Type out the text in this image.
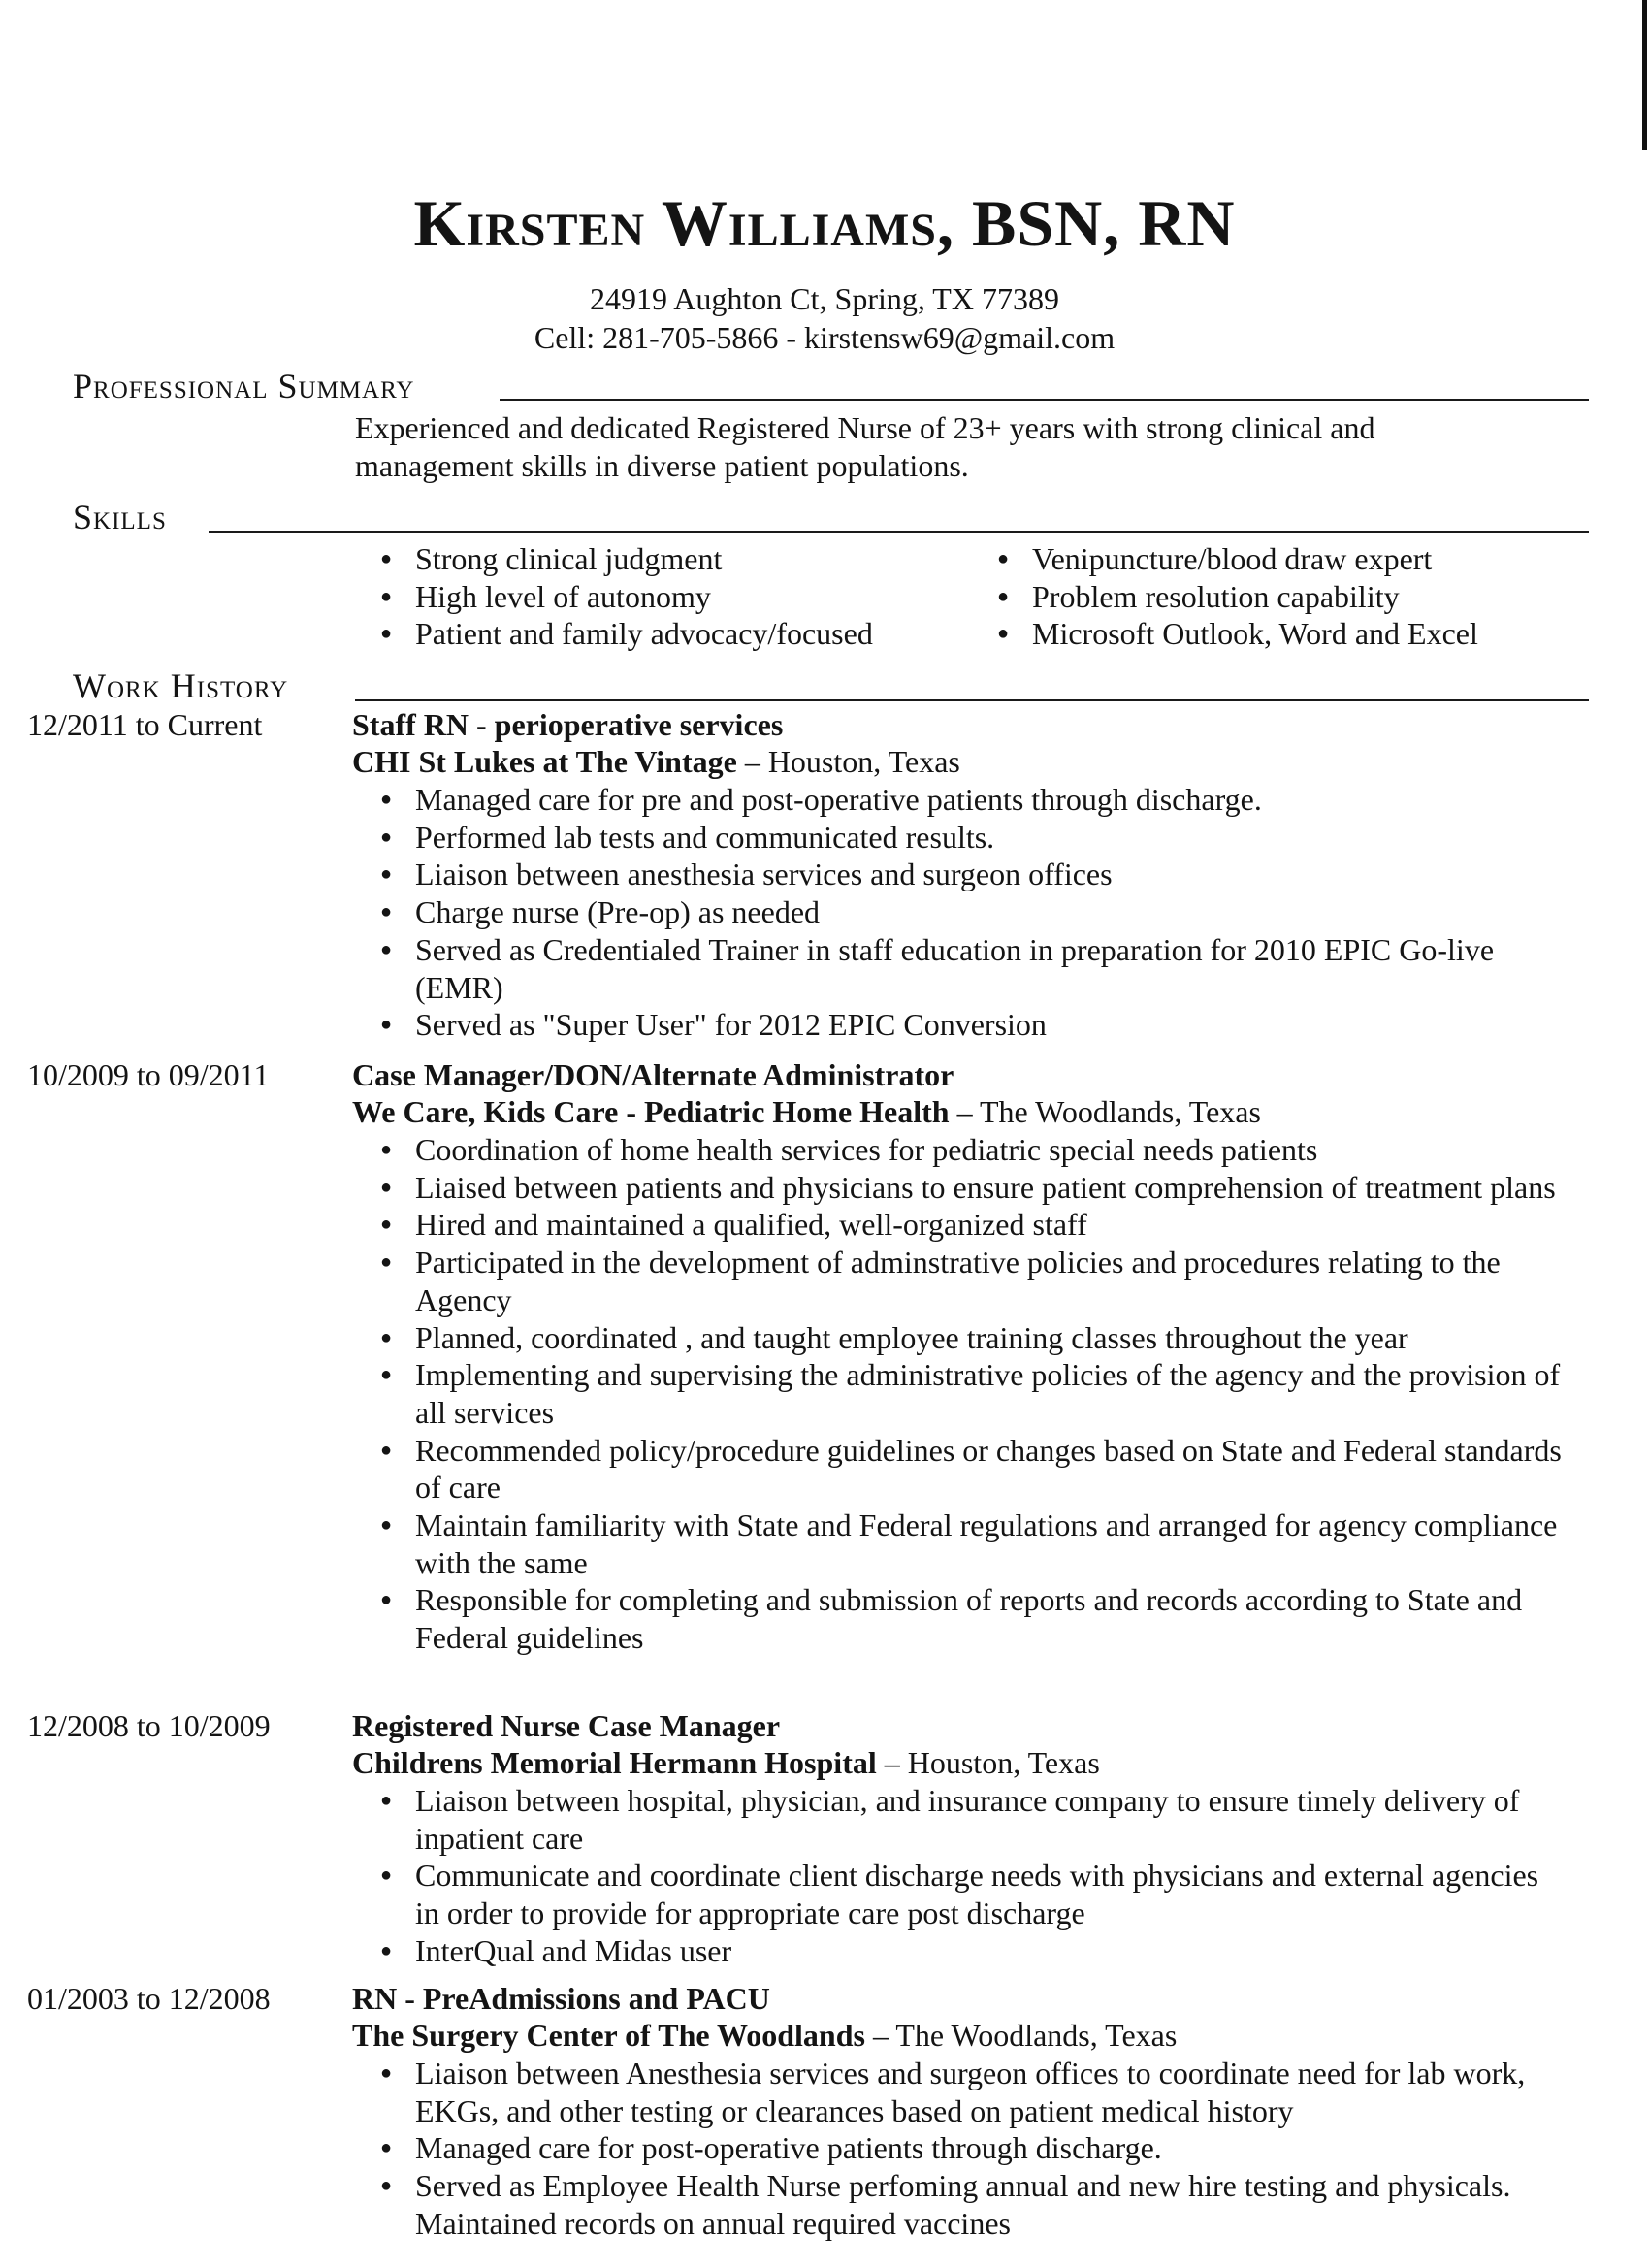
Kirsten Williams, BSN, RN
24919 Aughton Ct, Spring, TX 77389
Cell: 281-705-5866 - kirstensw69@gmail.com
Professional Summary
Experienced and dedicated Registered Nurse of 23+ years with strong clinical and management skills in diverse patient populations.
Skills
● Strong clinical judgment
● High level of autonomy
● Patient and family advocacy/focused
● Venipuncture/blood draw expert
● Problem resolution capability
● Microsoft Outlook, Word and Excel
Work History
12/2011 to Current	Staff RN - perioperative services
CHI St Lukes at The Vintage – Houston, Texas
● Managed care for pre and post-operative patients through discharge.
● Performed lab tests and communicated results.
● Liaison between anesthesia services and surgeon offices
● Charge nurse (Pre-op) as needed
● Served as Credentialed Trainer in staff education in preparation for 2010 EPIC Go-live (EMR)
● Served as "Super User" for 2012 EPIC Conversion
10/2009 to 09/2011	Case Manager/DON/Alternate Administrator
We Care, Kids Care - Pediatric Home Health – The Woodlands, Texas
● Coordination of home health services for pediatric special needs patients
● Liaised between patients and physicians to ensure patient comprehension of treatment plans
● Hired and maintained a qualified, well-organized staff
● Participated in the development of adminstrative policies and procedures relating to the Agency
● Planned, coordinated , and taught employee training classes throughout the year
● Implementing and supervising the administrative policies of the agency and the provision of all services
● Recommended policy/procedure guidelines or changes based on State and Federal standards of care
● Maintain familiarity with State and Federal regulations and arranged for agency compliance with the same
● Responsible for completing and submission of reports and records according to State and Federal guidelines
12/2008 to 10/2009	Registered Nurse Case Manager
Childrens Memorial Hermann Hospital – Houston, Texas
● Liaison between hospital, physician, and insurance company to ensure timely delivery of inpatient care
● Communicate and coordinate client discharge needs with physicians and external agencies in order to provide for appropriate care post discharge
● InterQual and Midas user
01/2003 to 12/2008	RN - PreAdmissions and PACU
The Surgery Center of The Woodlands – The Woodlands, Texas
● Liaison between Anesthesia services and surgeon offices to coordinate need for lab work, EKGs, and other testing or clearances based on patient medical history
● Managed care for post-operative patients through discharge.
● Served as Employee Health Nurse perfoming annual and new hire testing and physicals. Maintained records on annual required vaccines
